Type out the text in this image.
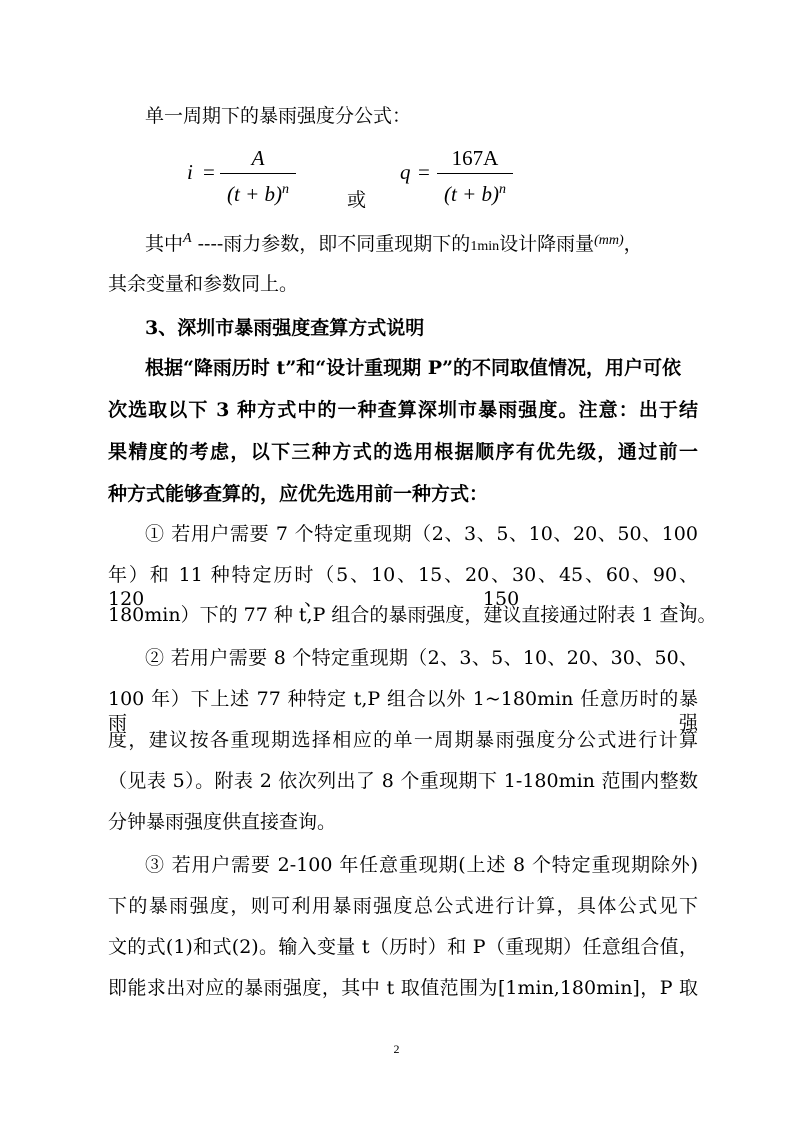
单一周期下的暴雨强度分公式：
i =
A
$(t + b)^n$	或
q =
167A
$(t + b)^n$
其中$^A$ ----雨力参数，即不同重现期下的1min设计降雨量$^{(mm)}$，
其余变量和参数同上。
3、深圳市暴雨强度查算方式说明
根据“降雨历时 t”和“设计重现期 P”的不同取值情况，用户可依
次选取以下 3 种方式中的一种查算深圳市暴雨强度。注意：出于结
果精度的考虑，以下三种方式的选用根据顺序有优先级，通过前一
种方式能够查算的，应优先选用前一种方式：
① 若用户需要 7 个特定重现期（2、3、5、10、20、50、100
年）和 11 种特定历时（5、10、15、20、30、45、60、90、120、150、
180min）下的 77 种 t,P 组合的暴雨强度，建议直接通过附表 1 查询。
② 若用户需要 8 个特定重现期（2、3、5、10、20、30、50、
100 年）下上述 77 种特定 t,P 组合以外 1~180min 任意历时的暴雨强
度，建议按各重现期选择相应的单一周期暴雨强度分公式进行计算
（见表 5）。附表 2 依次列出了 8 个重现期下 1-180min 范围内整数
分钟暴雨强度供直接查询。
③ 若用户需要 2-100 年任意重现期(上述 8 个特定重现期除外)
下的暴雨强度，则可利用暴雨强度总公式进行计算，具体公式见下
文的式(1)和式(2)。输入变量 t（历时）和 P（重现期）任意组合值，
即能求出对应的暴雨强度，其中 t 取值范围为[1min,180min]，P 取
2
